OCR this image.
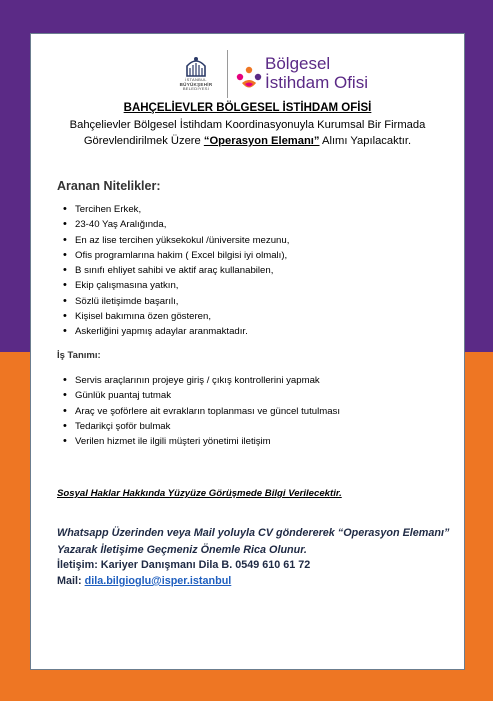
İSTANBUL
BÜYÜKŞEHİR
BELEDİYESİ
Bölgesel
İstihdam Ofisi
BAHÇELİEVLER BÖLGESEL İSTİHDAM OFİSİ
Bahçelievler Bölgesel İstihdam Koordinasyonuyla Kurumsal Bir Firmada Görevlendirilmek Üzere “Operasyon Elemanı” Alımı Yapılacaktır.
Aranan Nitelikler:
• Tercihen Erkek,
• 23-40 Yaş Aralığında,
• En az lise tercihen yüksekokul /üniversite mezunu,
• Ofis programlarına hakim ( Excel bilgisi iyi olmalı),
• B sınıfı ehliyet sahibi ve aktif araç kullanabilen,
• Ekip çalışmasına yatkın,
• Sözlü iletişimde başarılı,
• Kişisel bakımına özen gösteren,
• Askerliğini yapmış adaylar aranmaktadır.
İş Tanımı:
• Servis araçlarının projeye giriş / çıkış kontrollerini yapmak
• Günlük puantaj tutmak
• Araç ve şoförlere ait evrakların toplanması ve güncel tutulması
• Tedarikçi şoför bulmak
• Verilen hizmet ile ilgili müşteri yönetimi iletişim
Sosyal Haklar Hakkında Yüzyüze Görüşmede Bilgi Verilecektir.
Whatsapp Üzerinden veya Mail yoluyla CV göndererek “Operasyon Elemanı” Yazarak İletişime Geçmeniz Önemle Rica Olunur.
İletişim: Kariyer Danışmanı Dila B. 0549 610 61 72
Mail: dila.bilgioglu@isper.istanbul
